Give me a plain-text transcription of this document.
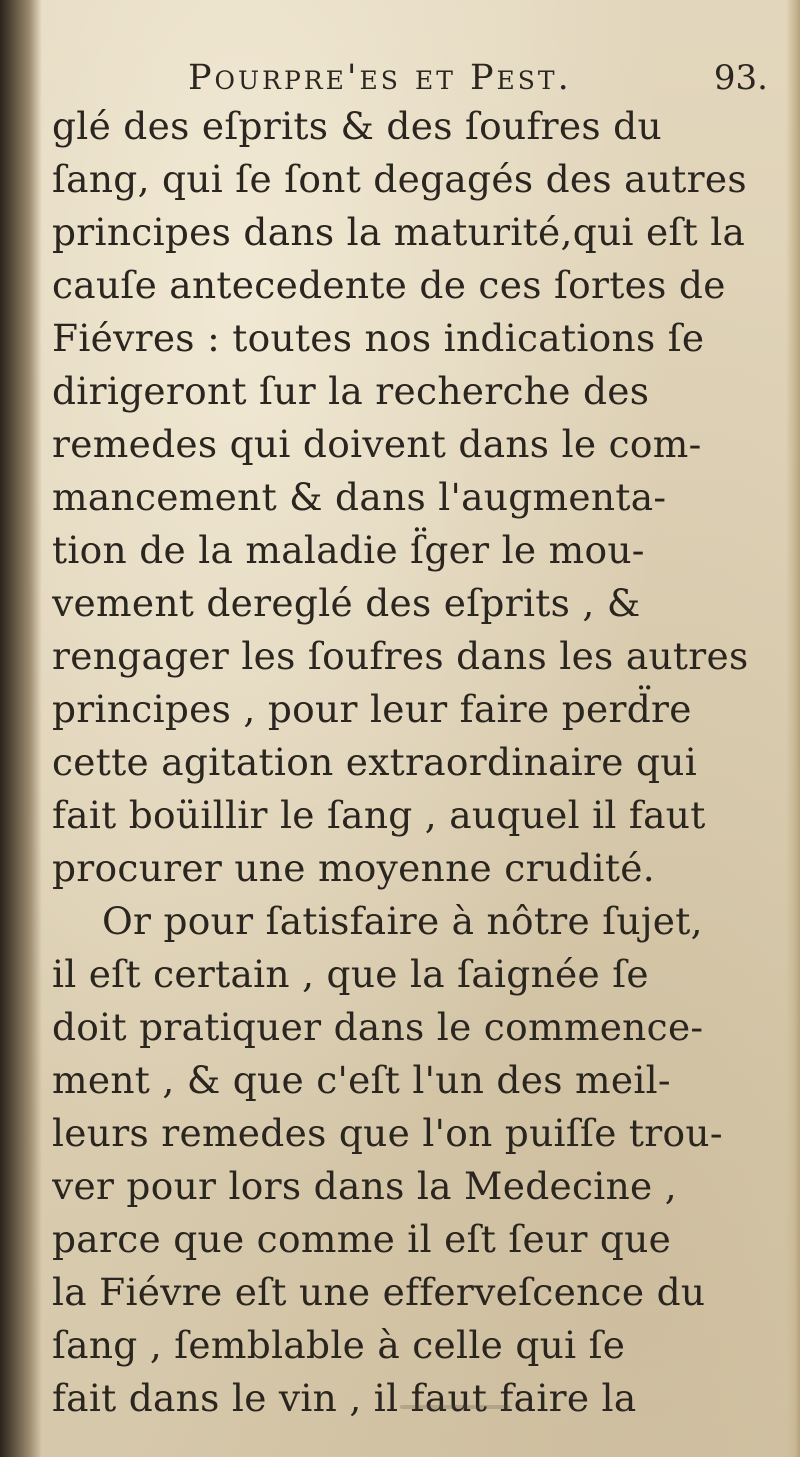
Pourpre'es et Pest.	93.
glé des eſprits & des ſoufres du
ſang, qui ſe ſont degagés des autres
principes dans la maturité,qui eſt la
cauſe antecedente de ces ſortes de
Fiévres : toutes nos indications ſe
dirigeront ſur la recherche des
remedes qui doivent dans le com-
mancement & dans l'augmenta-
tion de la maladie ſ̈ger le mou-
vement dereglé des eſprits , &
rengager les ſoufres dans les autres
principes , pour leur faire perd̈re
cette agitation extraordinaire qui
fait boüillir le ſang , auquel il faut
procurer une moyenne crudité.
Or pour ſatisfaire à nôtre ſujet,
il eſt certain , que la ſaignée ſe
doit pratiquer dans le commence-
ment , & que c'eſt l'un des meil-
leurs remedes que l'on puiſſe trou-
ver pour lors dans la Medecine ,
parce que comme il eſt ſeur que
la Fiévre eſt une efferveſcence du
ſang , ſemblable à celle qui ſe
fait dans le vin , il faut faire la
